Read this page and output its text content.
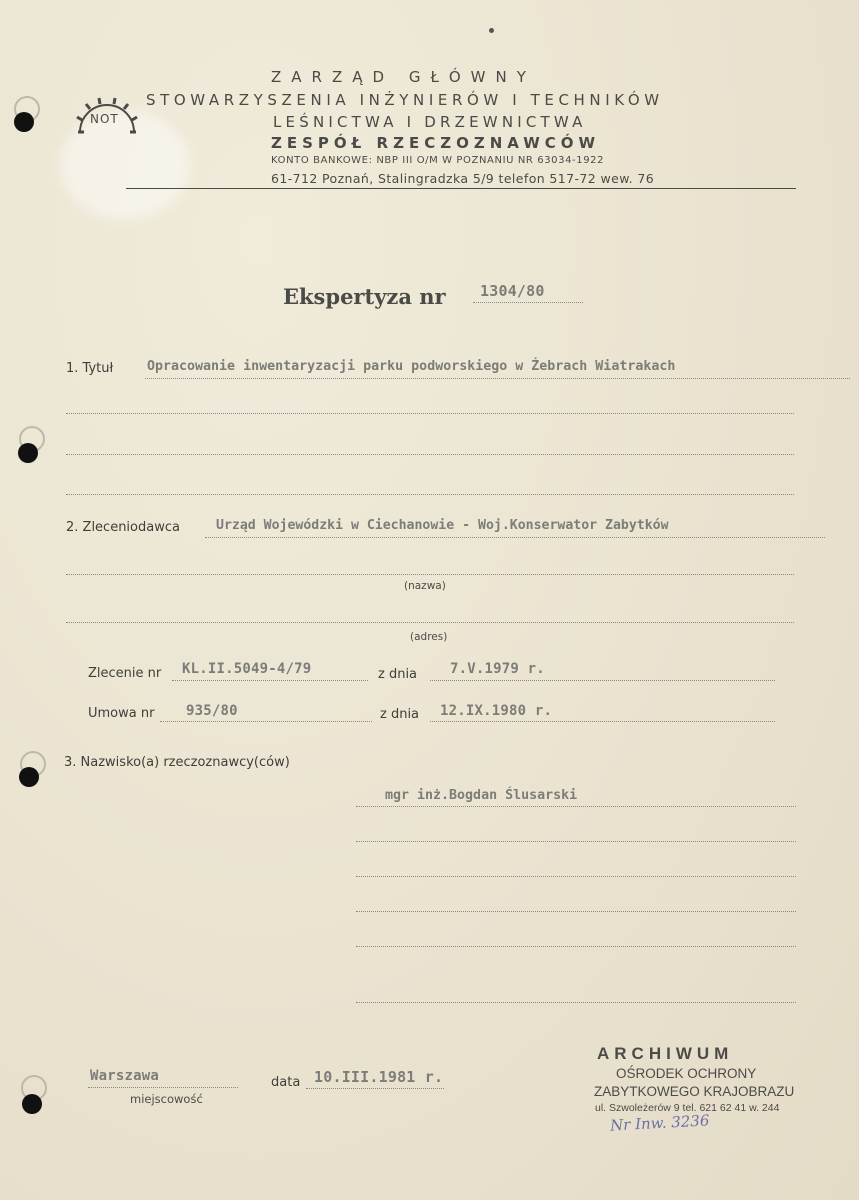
NOT
ZARZĄD GŁÓWNY
STOWARZYSZENIA INŻYNIERÓW I TECHNIKÓW
LEŚNICTWA I DRZEWNICTWA
ZESPÓŁ RZECZOZNAWCÓW
KONTO BANKOWE: NBP III O/M W POZNANIU NR 63034-1922
61-712 Poznań, Stalingradzka 5/9 telefon 517-72 wew. 76
Ekspertyza nr 1304/80
1. Tytuł	Opracowanie inwentaryzacji parku podworskiego w Żebrach Wiatrakach
2. Zleceniodawca	Urząd Wojewódzki w Ciechanowie - Woj.Konserwator Zabytków
(nazwa)
(adres)
Zlecenie nr KL.II.5049-4/79	z dnia 7.V.1979 r.
Umowa nr 935/80	z dnia 12.IX.1980 r.
3. Nazwisko(a) rzeczoznawcy(ców)
mgr inż.Bogdan Ślusarski
Warszawa
miejscowość
data 10.III.1981 r.
ARCHIWUM
OŚRODEK OCHRONY
ZABYTKOWEGO KRAJOBRAZU
ul. Szwoleżerów 9 tel. 621 62 41 w. 244
Nr Inw. 3236
